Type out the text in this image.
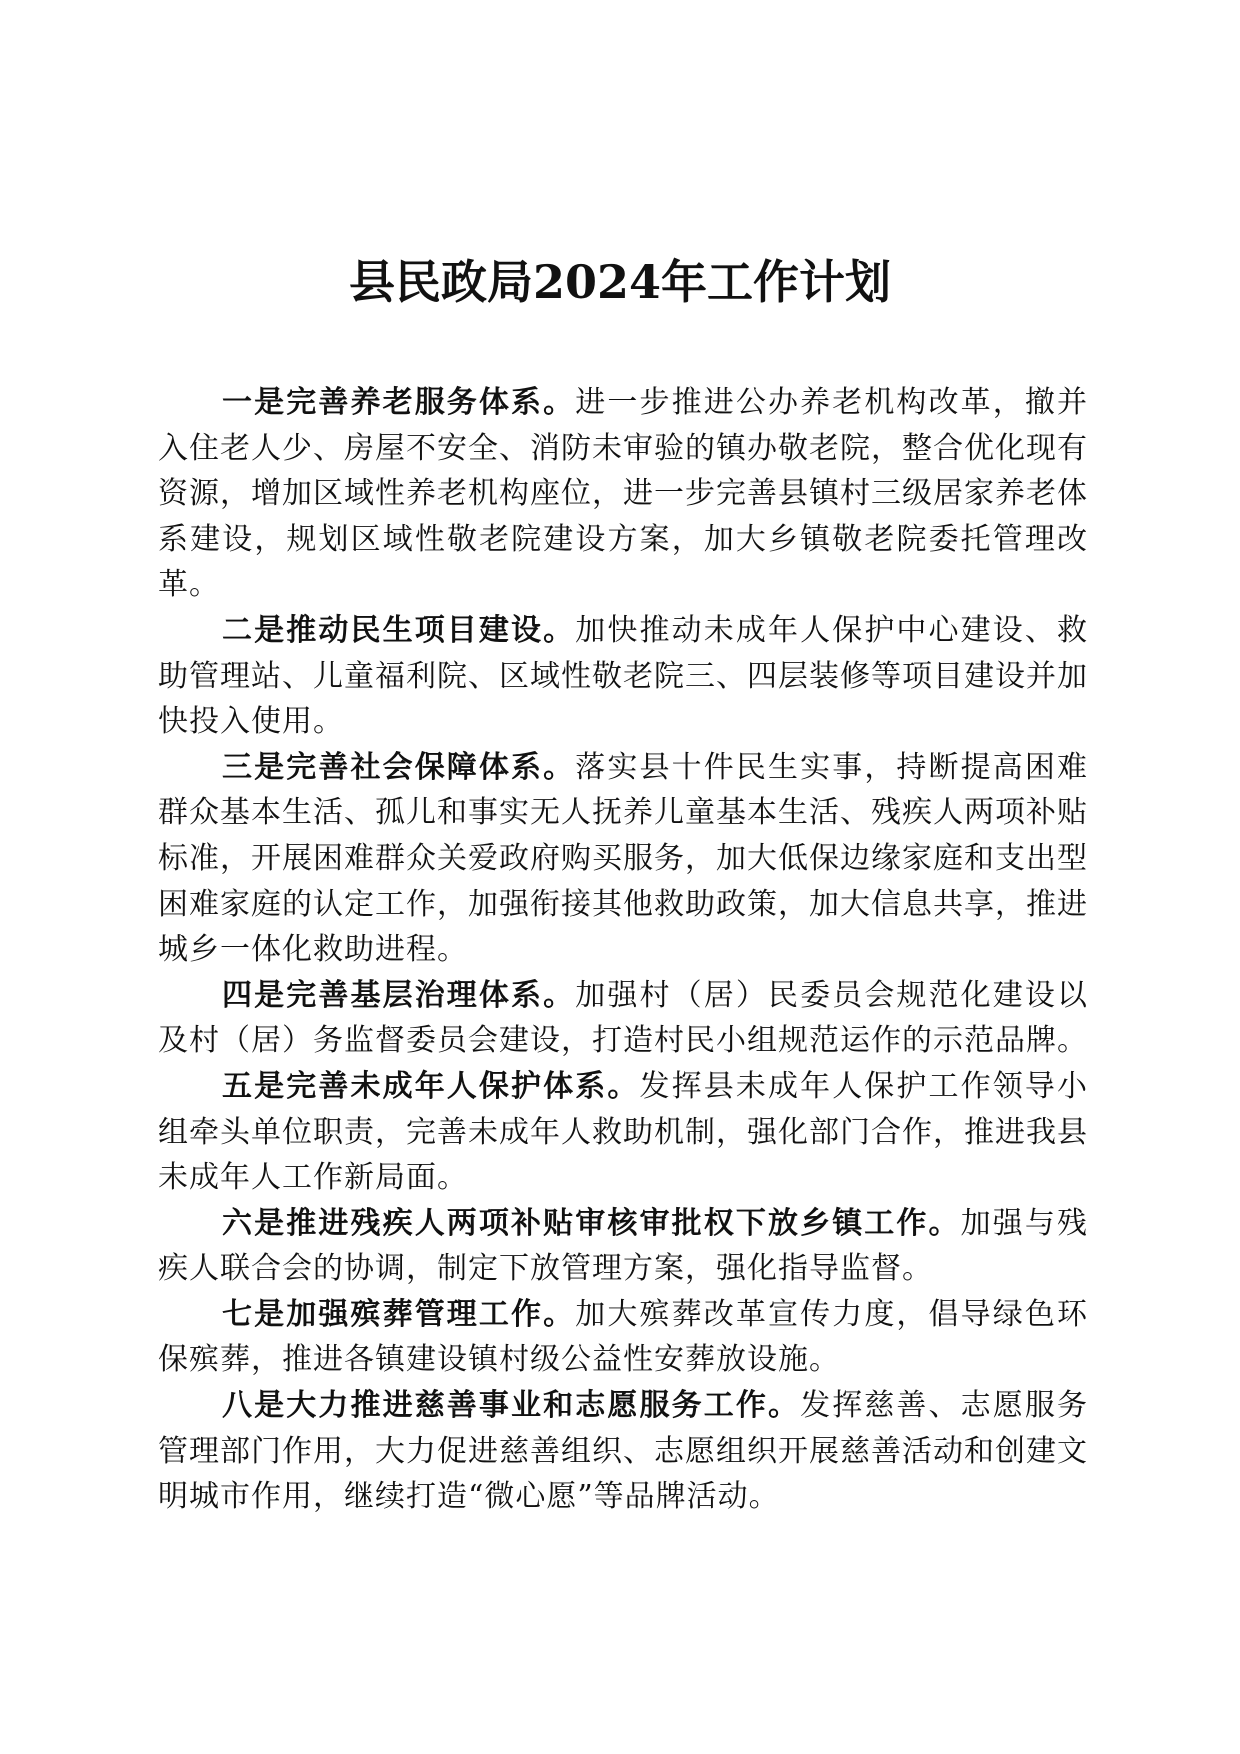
县民政局2024年工作计划

一是完善养老服务体系。进一步推进公办养老机构改革，撤并入住老人少、房屋不安全、消防未审验的镇办敬老院，整合优化现有资源，增加区域性养老机构座位，进一步完善县镇村三级居家养老体系建设，规划区域性敬老院建设方案，加大乡镇敬老院委托管理改革。

二是推动民生项目建设。加快推动未成年人保护中心建设、救助管理站、儿童福利院、区域性敬老院三、四层装修等项目建设并加快投入使用。

三是完善社会保障体系。落实县十件民生实事，持断提高困难群众基本生活、孤儿和事实无人抚养儿童基本生活、残疾人两项补贴标准，开展困难群众关爱政府购买服务，加大低保边缘家庭和支出型困难家庭的认定工作，加强衔接其他救助政策，加大信息共享，推进城乡一体化救助进程。

四是完善基层治理体系。加强村（居）民委员会规范化建设以及村（居）务监督委员会建设，打造村民小组规范运作的示范品牌。

五是完善未成年人保护体系。发挥县未成年人保护工作领导小组牵头单位职责，完善未成年人救助机制，强化部门合作，推进我县未成年人工作新局面。

六是推进残疾人两项补贴审核审批权下放乡镇工作。加强与残疾人联合会的协调，制定下放管理方案，强化指导监督。

七是加强殡葬管理工作。加大殡葬改革宣传力度，倡导绿色环保殡葬，推进各镇建设镇村级公益性安葬放设施。

八是大力推进慈善事业和志愿服务工作。发挥慈善、志愿服务管理部门作用，大力促进慈善组织、志愿组织开展慈善活动和创建文明城市作用，继续打造“微心愿”等品牌活动。
